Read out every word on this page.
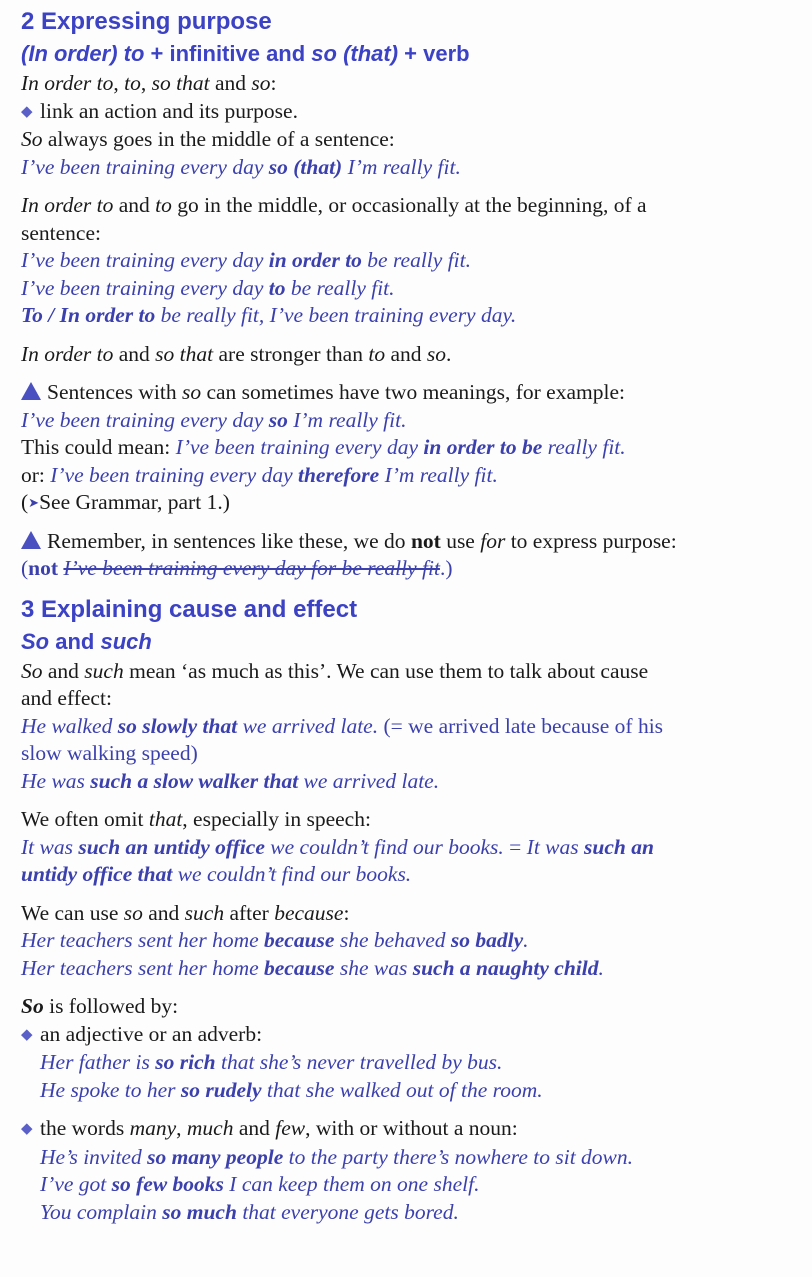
2 Expressing purpose
(In order) to + infinitive and so (that) + verb
In order to, to, so that and so:
◆ link an action and its purpose.
So always goes in the middle of a sentence:
I’ve been training every day so (that) I’m really fit.
In order to and to go in the middle, or occasionally at the beginning, of a
sentence:
I’ve been training every day in order to be really fit.
I’ve been training every day to be really fit.
To / In order to be really fit, I’ve been training every day.
In order to and so that are stronger than to and so.
Sentences with so can sometimes have two meanings, for example:
I’ve been training every day so I’m really fit.
This could mean: I’ve been training every day in order to be really fit.
or: I’ve been training every day therefore I’m really fit.
(➤See Grammar, part 1.)
Remember, in sentences like these, we do not use for to express purpose:
(not I’ve been training every day for be really fit.)
3 Explaining cause and effect
So and such
So and such mean ‘as much as this’. We can use them to talk about cause
and effect:
He walked so slowly that we arrived late. (= we arrived late because of his
slow walking speed)
He was such a slow walker that we arrived late.
We often omit that, especially in speech:
It was such an untidy office we couldn’t find our books. = It was such an
untidy office that we couldn’t find our books.
We can use so and such after because:
Her teachers sent her home because she behaved so badly.
Her teachers sent her home because she was such a naughty child.
So is followed by:
◆ an adjective or an adverb:
Her father is so rich that she’s never travelled by bus.
He spoke to her so rudely that she walked out of the room.
◆ the words many, much and few, with or without a noun:
He’s invited so many people to the party there’s nowhere to sit down.
I’ve got so few books I can keep them on one shelf.
You complain so much that everyone gets bored.
